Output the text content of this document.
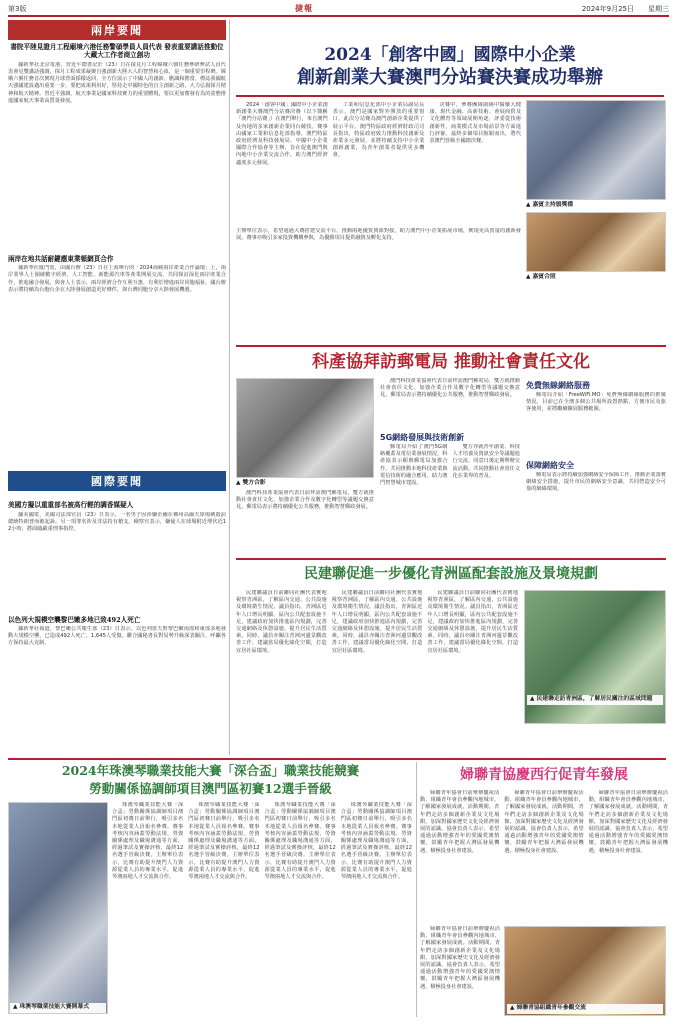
第3版	捷報	2024年9月25日 星期三
兩岸要聞
書院平陸見證月工程廟境六港任務警碩學員人員代表 發表重要講話推動位大藏大工作者商立創功
據新華社北京電港，習近平總書記於（23）日在接見月工程嫦娥六號任務參研參試人員代表會見雙講話強調，探月工程成果凝聚自強創新大熙大人的智慧和心血，是一個重要里程碑。嫦娥六號任務首次實現月球背面採樣返回，全方位展示了中國人的創新、膽識和擔當，標誌我國航天強國建設邁出重要一步，要把成果利用好，堅持走中國特色的自主創新之路，大力弘揚探月精神和航天精神。習近平強調，航天事業是國家科技實力的重要體現，要以更加奮發有為的姿態推進國家航天事業高質量發展。
兩岸在地共話耐鍵應東業頓網頁合作
據新華社廈門電，由國台辦（23）日在上海舉行的「2024海峽兩岸產業合作論壇」上，兩岸業界人士圍繞數字經濟、人工智能、新能源汽車等產業開展交流，共同探討深化兩岸產業合作，推進融合發展。與會人士表示，兩岸經濟合作互利互惠，有利於增進兩岸同胞福祉。國台辦表示將持續為台胞台企在大陸發展創造更好條件，與台灣同胞分享大陸發展機遇。
國際要聞
美國方擬以重重部名被高行輕的調香媒疑人
據美國電，美國司法部官員（23）日表示，一名男子因涉嫌企圖在佛州高爾夫球場刺殺前總統特朗普而被起訴，另一項罪名涉及非法持有槍支。檢察官表示，嫌疑人在球場附近埋伏近12小時，將面臨嚴重刑事指控。
以色列大規模空襲黎巴嫩多地已致492人死亡
據新華社報道，黎巴嫩公共衛生部（23）日表示，以色列當天對黎巴嫩南部和東部多地發動大規模空襲，已造成492人死亡，1,645人受傷。聯合國秘書長對局勢升級深表關注，呼籲各方保持最大克制。
2024「創客中國」國際中小企業
創新創業大賽澳門分站賽決賽成功舉辦
2024「創客中國」國際中小企業創新創業大賽澳門分站賽決賽（以下簡稱「澳門分站賽」）在澳門舉行，來自澳門及內地的多家創新企業同台競技。賽事由國家工業和信息化部指導，澳門特區政府經濟及科技發展局、中國中小企業國際合作協會等主辦，旨在促進澳門與內地中小企業交流合作，助力澳門經濟適度多元發展。
工業和信息化部中小企業局副局長表示，澳門是國家對外開放的重要窗口，此次分站賽為澳門創新企業提供了展示平台。澳門特區政府經濟財政司司長指出，特區政府致力推動科技創新及產業多元發展，並將持續支持中小企業創新創業，為青年創業者提供更多機會。
決賽中，參賽團隊圍繞中醫藥大健康、現代金融、高新技術、會展商貿及文化體育等領域展開角逐，評委從技術創新性、商業模式及市場前景等方面進行評審。最終多個項目脫穎而出，將代表澳門晉級全國總決賽。
主辦單位表示，希望通過大賽搭建交流平台，推動兩地優質資源對接，助力澳門中小企業拓展市場，實現更高質量的創新發展。賽事亦吸引多家投資機構參與，為優勝項目提供融資及孵化支持。
▲ 嘉賓主持頒獎禮
▲ 嘉賓合照
科產協拜訪郵電局 推動社會責任文化
▲ 雙方合影
澳門科技產業協會代表日前拜訪澳門郵電局，雙方就推動社會責任文化、加強企業合作及數字化轉型等議題交換意見。郵電局表示將持續優化公共服務，推動智慧郵政發展。
澳門科技產業協會代表日前拜訪澳門郵電局，雙方就推動社會責任文化、加強企業合作及數字化轉型等議題交換意見。郵電局表示將持續優化公共服務，推動智慧郵政發展。
5G網絡發展與技術創新
郵電局介紹了澳門5G網絡覆蓋及電信業發展情況，科產協表示願與郵電局加強合作，共同推動本地科技產業與電信技術的融合應用，助力澳門智慧城市建設。
雙方亦就青年創業、科技人才培養及資訊安全等議題進行交流，同意日後定期舉辦交流活動，共同推動社會責任文化在業界的普及。
免費無線網絡服務
郵電局介紹「FreeWiFi.MO」免費無線網絡服務的推廣情況，目前已在全澳多個公共場所設置熱點，方便市民及旅客使用，並將繼續擴展服務範圍。
保障網絡安全
郵電局表示將持續加強網絡安全保障工作，推動企業落實網絡安全措施，提升市民的網絡安全意識，共同營造安全可靠的網絡環境。
民建聯促進一步優化青洲區配套設施及景境規劃
民建聯議員日前聯同社團代表實地視察青洲區，了解區內交通、公共設施及環境衛生情況。議員指出，青洲區近年人口增長明顯，區內公共配套設施不足，建議政府加快推進區內規劃，完善交通網絡及休憩設施，提升居民生活質素。同時，議員亦關注青洲河邊景觀改善工作，建議當局優化綠化空間，打造宜居社區環境。
民建聯議員日前聯同社團代表實地視察青洲區，了解區內交通、公共設施及環境衛生情況。議員指出，青洲區近年人口增長明顯，區內公共配套設施不足，建議政府加快推進區內規劃，完善交通網絡及休憩設施，提升居民生活質素。同時，議員亦關注青洲河邊景觀改善工作，建議當局優化綠化空間，打造宜居社區環境。
民建聯議員日前聯同社團代表實地視察青洲區，了解區內交通、公共設施及環境衛生情況。議員指出，青洲區近年人口增長明顯，區內公共配套設施不足，建議政府加快推進區內規劃，完善交通網絡及休憩設施，提升居民生活質素。同時，議員亦關注青洲河邊景觀改善工作，建議當局優化綠化空間，打造宜居社區環境。
▲ 民建聯走訪青洲區，了解居民關注的區域問題
2024年珠澳琴職業技能大賽「深合盃」職業技能競賽
勞動關係協調師項目澳門區初賽12選手晉級
▲ 珠澳琴職業技能大賽開幕式
珠澳琴職業技能大賽「深合盃」勞動關係協調師項目澳門區初賽日前舉行，吸引多名本地從業人員報名參賽。賽事考核內容涵蓋勞動法規、勞資關係處理及職場溝通等方面，經過筆試及實操評核，最終12名選手晉級決賽。主辦單位表示，比賽有助提升澳門人力資源從業人員的專業水平，促進琴澳兩地人才交流與合作。
珠澳琴職業技能大賽「深合盃」勞動關係協調師項目澳門區初賽日前舉行，吸引多名本地從業人員報名參賽。賽事考核內容涵蓋勞動法規、勞資關係處理及職場溝通等方面，經過筆試及實操評核，最終12名選手晉級決賽。主辦單位表示，比賽有助提升澳門人力資源從業人員的專業水平，促進琴澳兩地人才交流與合作。
珠澳琴職業技能大賽「深合盃」勞動關係協調師項目澳門區初賽日前舉行，吸引多名本地從業人員報名參賽。賽事考核內容涵蓋勞動法規、勞資關係處理及職場溝通等方面，經過筆試及實操評核，最終12名選手晉級決賽。主辦單位表示，比賽有助提升澳門人力資源從業人員的專業水平，促進琴澳兩地人才交流與合作。
珠澳琴職業技能大賽「深合盃」勞動關係協調師項目澳門區初賽日前舉行，吸引多名本地從業人員報名參賽。賽事考核內容涵蓋勞動法規、勞資關係處理及職場溝通等方面，經過筆試及實操評核，最終12名選手晉級決賽。主辦單位表示，比賽有助提升澳門人力資源從業人員的專業水平，促進琴澳兩地人才交流與合作。
婦聯青協慶西行促青年發展
婦聯青年協會日前舉辦慶祝活動，組織青年會員參觀內地城市，了解國家發展成就。活動期間，青年們走訪多個創新企業及文化場館，加深對國家歷史文化及經濟發展的認識。協會負責人表示，希望通過活動增強青年的愛國愛澳情懷，鼓勵青年把握大灣區發展機遇，積極投身社會建設。
婦聯青年協會日前舉辦慶祝活動，組織青年會員參觀內地城市，了解國家發展成就。活動期間，青年們走訪多個創新企業及文化場館，加深對國家歷史文化及經濟發展的認識。協會負責人表示，希望通過活動增強青年的愛國愛澳情懷，鼓勵青年把握大灣區發展機遇，積極投身社會建設。
婦聯青年協會日前舉辦慶祝活動，組織青年會員參觀內地城市，了解國家發展成就。活動期間，青年們走訪多個創新企業及文化場館，加深對國家歷史文化及經濟發展的認識。協會負責人表示，希望通過活動增強青年的愛國愛澳情懷，鼓勵青年把握大灣區發展機遇，積極投身社會建設。
婦聯青年協會日前舉辦慶祝活動，組織青年會員參觀內地城市，了解國家發展成就。活動期間，青年們走訪多個創新企業及文化場館，加深對國家歷史文化及經濟發展的認識。協會負責人表示，希望通過活動增強青年的愛國愛澳情懷，鼓勵青年把握大灣區發展機遇，積極投身社會建設。
▲ 婦聯青協組織青年參觀交流
